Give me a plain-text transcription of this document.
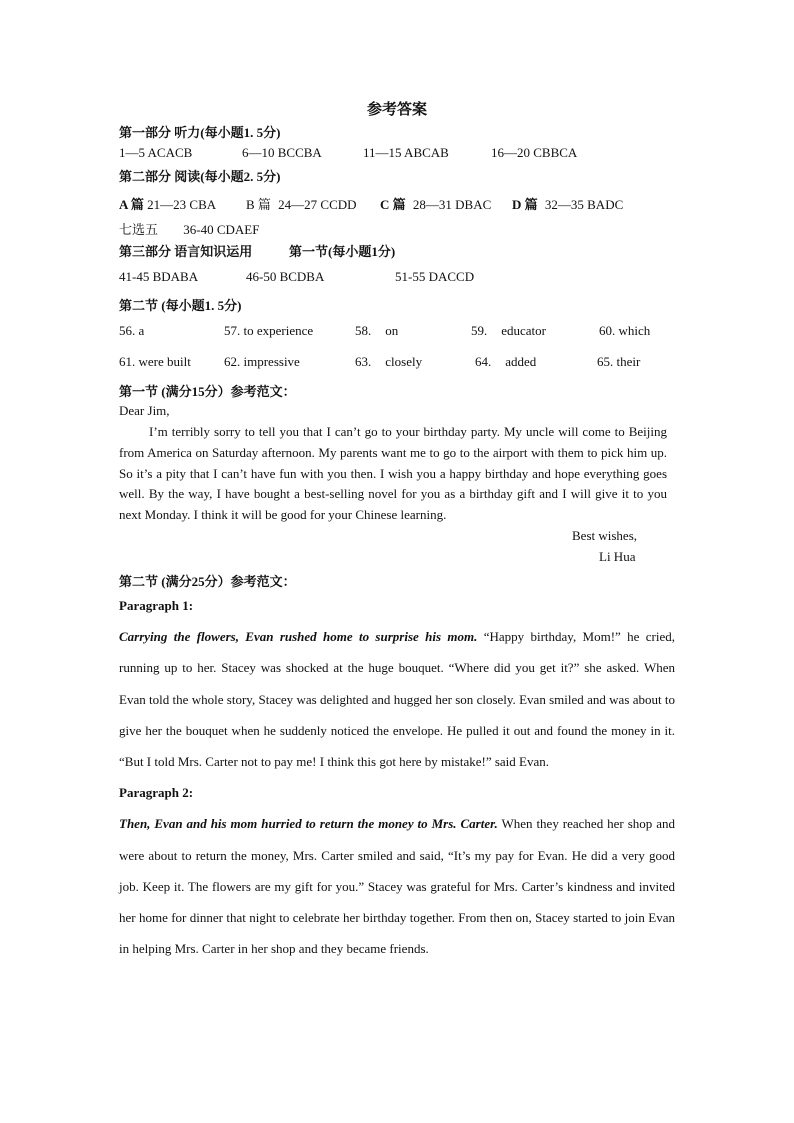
参考答案
第一部分 听力(每小题1. 5分)
1—5 ACACB	6—10 BCCBA	11—15 ABCAB	16—20 CBBCA
第二部分 阅读(每小题2. 5分)
A 篇 21—23 CBA B 篇 24—27 CCDD C 篇 28—31 DBAC D 篇 32—35 BADC
七选五 36-40 CDAEF
第三部分 语言知识运用	第一节(每小题1分)
41-45 BDABA	46-50 BCDBA	51-55 DACCD
第二节 (每小题1. 5分)
56. a	57. to experience	58. on	59. educator	60. which
61. were built	62. impressive	63. closely	64. added	65. their
第一节 (满分15分）参考范文：
Dear Jim,

I’m terribly sorry to tell you that I can’t go to your birthday party. My uncle will come to Beijing from America on Saturday afternoon. My parents want me to go to the airport with them to pick him up. So it’s a pity that I can’t have fun with you then. I wish you a happy birthday and hope everything goes well. By the way, I have bought a best-selling novel for you as a birthday gift and I will give it to you next Monday. I think it will be good for your Chinese learning.

Best wishes,
Li Hua
第二节 (满分25分）参考范文：
Paragraph 1:

Carrying the flowers, Evan rushed home to surprise his mom. “Happy birthday, Mom!” he cried, running up to her. Stacey was shocked at the huge bouquet. “Where did you get it?” she asked. When Evan told the whole story, Stacey was delighted and hugged her son closely. Evan smiled and was about to give her the bouquet when he suddenly noticed the envelope. He pulled it out and found the money in it. “But I told Mrs. Carter not to pay me! I think this got here by mistake!” said Evan.

Paragraph 2:

Then, Evan and his mom hurried to return the money to Mrs. Carter. When they reached her shop and were about to return the money, Mrs. Carter smiled and said, “It’s my pay for Evan. He did a very good job. Keep it. The flowers are my gift for you.” Stacey was grateful for Mrs. Carter’s kindness and invited her home for dinner that night to celebrate her birthday together. From then on, Stacey started to join Evan in helping Mrs. Carter in her shop and they became friends.
